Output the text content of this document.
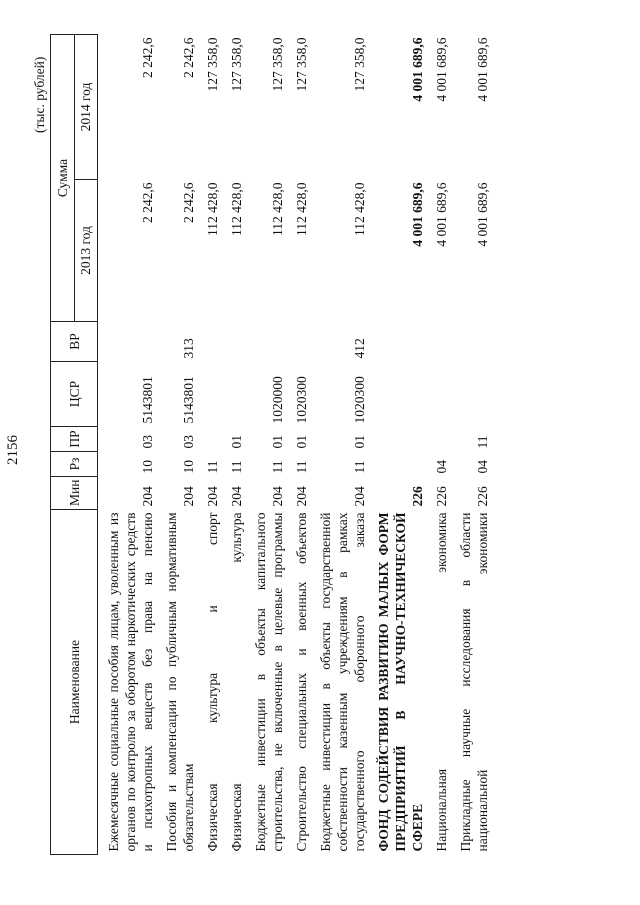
2156
(тыс. рублей)
Наименование	Мин	Рз	ПР	ЦСР	ВР	Сумма	
						2013 год	2014 год
Ежемесячные социальные пособия лицам, уволенным из органов по контролю за оборотом наркотических средств и психотропных веществ без права на пенсию	204	10	03	5143801		2 242,6	2 242,6
Пособия и компенсации по публичным нормативным обязательствам	204	10	03	5143801	313	2 242,6	2 242,6
Физическая культура и спорт	204	11				112 428,0	127 358,0
Физическая культура	204	11	01			112 428,0	127 358,0
Бюджетные инвестиции в объекты капитального строительства, не включенные в целевые программы	204	11	01	1020000		112 428,0	127 358,0
Строительство специальных и военных объектов	204	11	01	1020300		112 428,0	127 358,0
Бюджетные инвестиции в объекты государственной собственности казенным учреждениям в рамках государственного оборонного заказа	204	11	01	1020300	412	112 428,0	127 358,0
ФОНД СОДЕЙСТВИЯ РАЗВИТИЮ МАЛЫХ ФОРМ ПРЕДПРИЯТИЙ В НАУЧНО-ТЕХНИЧЕСКОЙ СФЕРЕ	226					4 001 689,6	4 001 689,6
Национальная экономика	226	04				4 001 689,6	4 001 689,6
Прикладные научные исследования в области национальной экономики	226	04	11			4 001 689,6	4 001 689,6
